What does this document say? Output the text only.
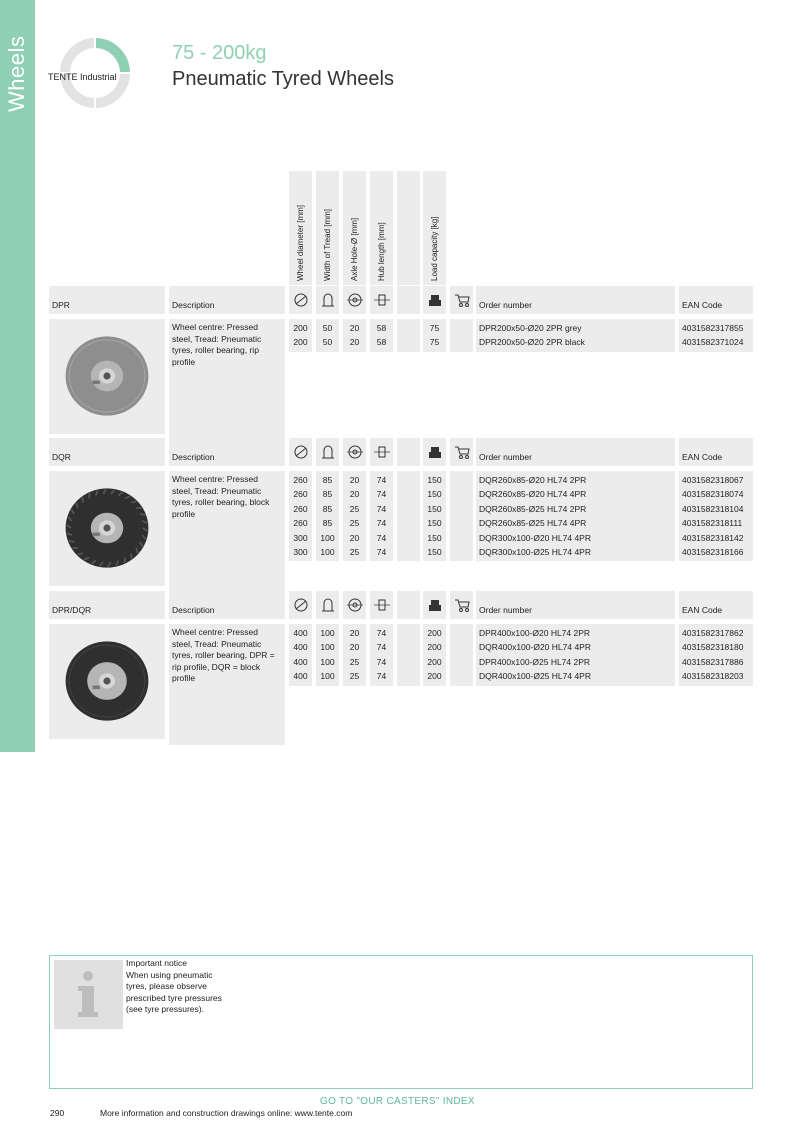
Wheels	TENTE Industrial
75 - 200kg
Pneumatic Tyred Wheels
Wheel diameter [mm]	Width of Tread [mm]	Axle Hole-Ø [mm]	Hub length [mm]	Load capacity [kg]
DPR	Description	Order number	EAN Code
Wheel centre: Pressed steel, Tread: Pneumatic tyres, roller bearing, rip profile
200	50	20	58	75	DPR200x50-Ø20 2PR grey	4031582317855
200	50	20	58	75	DPR200x50-Ø20 2PR black	4031582371024
DQR	Description	Order number	EAN Code
Wheel centre: Pressed steel, Tread: Pneumatic tyres, roller bearing, block profile
260	85	20	74	150	DQR260x85-Ø20 HL74 2PR	4031582318067
260	85	20	74	150	DQR260x85-Ø20 HL74 4PR	4031582318074
260	85	25	74	150	DQR260x85-Ø25 HL74 2PR	4031582318104
260	85	25	74	150	DQR260x85-Ø25 HL74 4PR	4031582318111
300	100	20	74	150	DQR300x100-Ø20 HL74 4PR	4031582318142
300	100	25	74	150	DQR300x100-Ø25 HL74 4PR	4031582318166
DPR/DQR	Description	Order number	EAN Code
Wheel centre: Pressed steel, Tread: Pneumatic tyres, roller bearing, DPR = rip profile, DQR = block profile
400	100	20	74	200	DPR400x100-Ø20 HL74 2PR	4031582317862
400	100	20	74	200	DQR400x100-Ø20 HL74 4PR	4031582318180
400	100	25	74	200	DPR400x100-Ø25 HL74 2PR	4031582317886
400	100	25	74	200	DQR400x100-Ø25 HL74 4PR	4031582318203
Important notice
When using pneumatic tyres, please observe prescribed tyre pressures (see tyre pressures).
GO TO "OUR CASTERS" INDEX
290	More information and construction drawings online: www.tente.com
